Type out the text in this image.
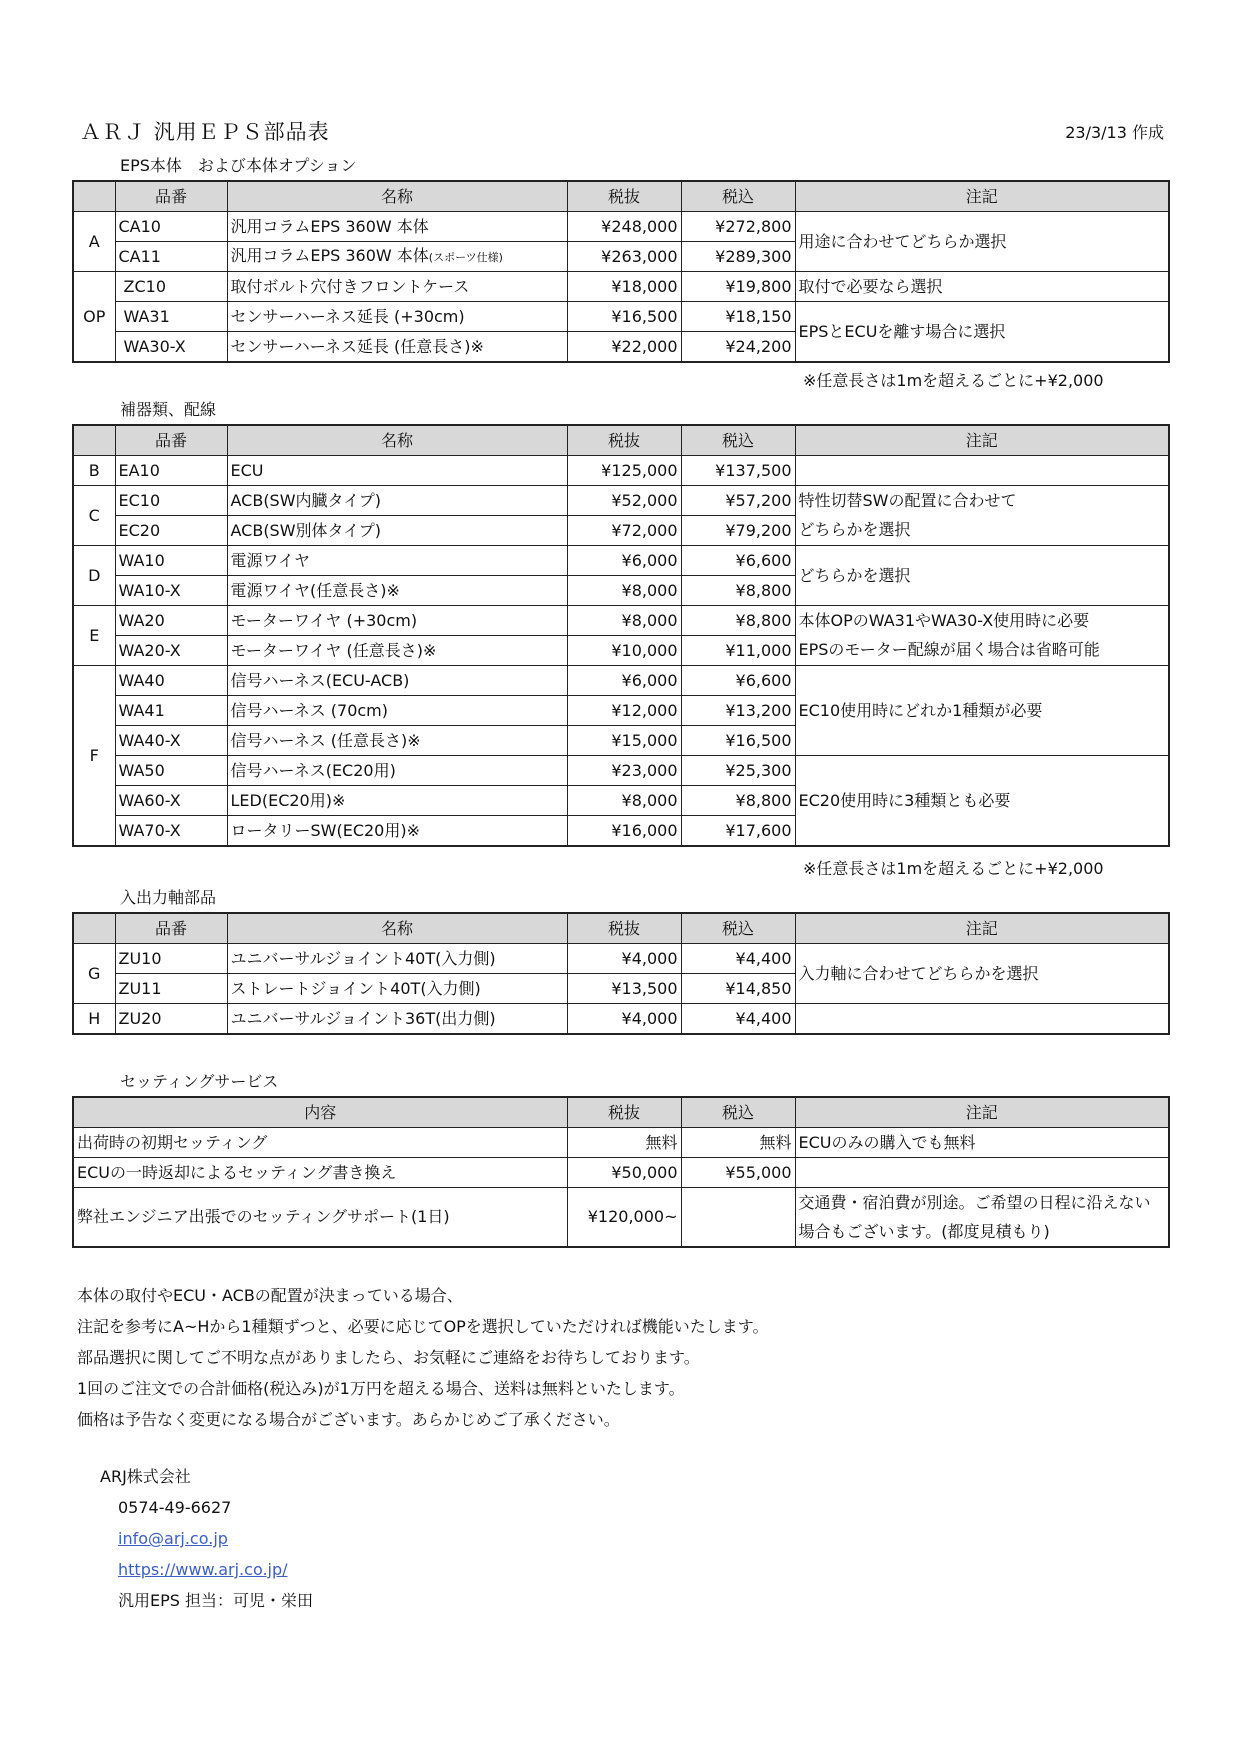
ＡＲＪ 汎用ＥＰＳ部品表	23/3/13 作成
EPS本体　および本体オプション
	品番	名称	税抜	税込	注記
A	CA10	汎用コラムEPS 360W 本体	¥248,000	¥272,800	用途に合わせてどちらか選択
	CA11	汎用コラムEPS 360W 本体(スポーツ仕様)	¥263,000	¥289,300	
OP	ZC10	取付ボルト穴付きフロントケース	¥18,000	¥19,800	取付で必要なら選択
	WA31	センサーハーネス延長 (+30cm)	¥16,500	¥18,150	EPSとECUを離す場合に選択
	WA30-X	センサーハーネス延長 (任意長さ)※	¥22,000	¥24,200	
※任意長さは1mを超えるごとに+¥2,000
補器類、配線
	品番	名称	税抜	税込	注記
B	EA10	ECU	¥125,000	¥137,500	
C	EC10	ACB(SW内臓タイプ)	¥52,000	¥57,200	特性切替SWの配置に合わせて
	EC20	ACB(SW別体タイプ)	¥72,000	¥79,200	どちらかを選択
D	WA10	電源ワイヤ	¥6,000	¥6,600	どちらかを選択
	WA10-X	電源ワイヤ(任意長さ)※	¥8,000	¥8,800	
E	WA20	モーターワイヤ (+30cm)	¥8,000	¥8,800	本体OPのWA31やWA30-X使用時に必要
	WA20-X	モーターワイヤ (任意長さ)※	¥10,000	¥11,000	EPSのモーター配線が届く場合は省略可能
F	WA40	信号ハーネス(ECU-ACB)	¥6,000	¥6,600	EC10使用時にどれか1種類が必要
	WA41	信号ハーネス (70cm)	¥12,000	¥13,200	
	WA40-X	信号ハーネス (任意長さ)※	¥15,000	¥16,500	
	WA50	信号ハーネス(EC20用)	¥23,000	¥25,300	EC20使用時に3種類とも必要
	WA60-X	LED(EC20用)※	¥8,000	¥8,800	
	WA70-X	ロータリーSW(EC20用)※	¥16,000	¥17,600	
※任意長さは1mを超えるごとに+¥2,000
入出力軸部品
	品番	名称	税抜	税込	注記
G	ZU10	ユニバーサルジョイント40T(入力側)	¥4,000	¥4,400	入力軸に合わせてどちらかを選択
	ZU11	ストレートジョイント40T(入力側)	¥13,500	¥14,850	
H	ZU20	ユニバーサルジョイント36T(出力側)	¥4,000	¥4,400	
セッティングサービス
内容	税抜	税込	注記
出荷時の初期セッティング	無料	無料	ECUのみの購入でも無料
ECUの一時返却によるセッティング書き換え	¥50,000	¥55,000	
弊社エンジニア出張でのセッティングサポート(1日)	¥120,000~		交通費・宿泊費が別途。ご希望の日程に沿えない場合もございます。(都度見積もり)
本体の取付やECU・ACBの配置が決まっている場合、
注記を参考にA~Hから1種類ずつと、必要に応じてOPを選択していただければ機能いたします。
部品選択に関してご不明な点がありましたら、お気軽にご連絡をお待ちしております。
1回のご注文での合計価格(税込み)が1万円を超える場合、送料は無料といたします。
価格は予告なく変更になる場合がございます。あらかじめご了承ください。
ARJ株式会社
0574-49-6627
info@arj.co.jp
https://www.arj.co.jp/
汎用EPS 担当：可児・栄田
